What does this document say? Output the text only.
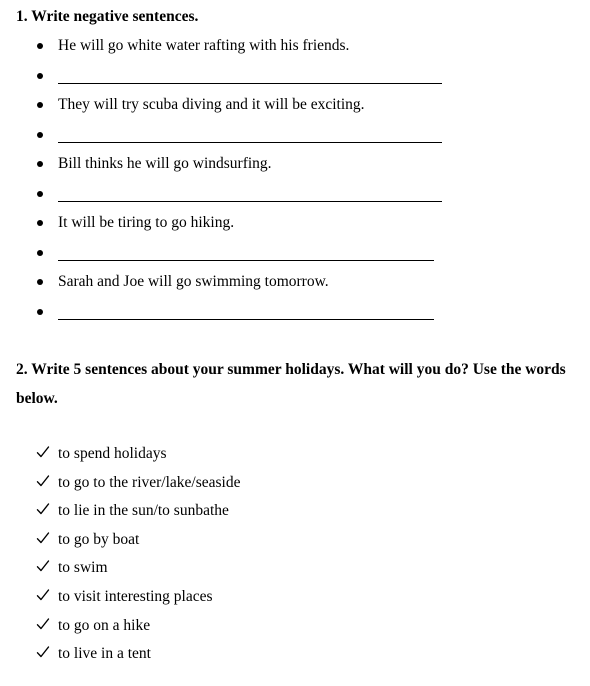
1. Write negative sentences.
He will go white water rafting with his friends.
They will try scuba diving and it will be exciting.
Bill thinks he will go windsurfing.
It will be tiring to go hiking.
Sarah and Joe will go swimming tomorrow.
2. Write 5 sentences about your summer holidays. What will you do? Use the words below.
to spend holidays
to go to the river/lake/seaside
to lie in the sun/to sunbathe
to go by boat
to swim
to visit interesting places
to go on a hike
to live in a tent
